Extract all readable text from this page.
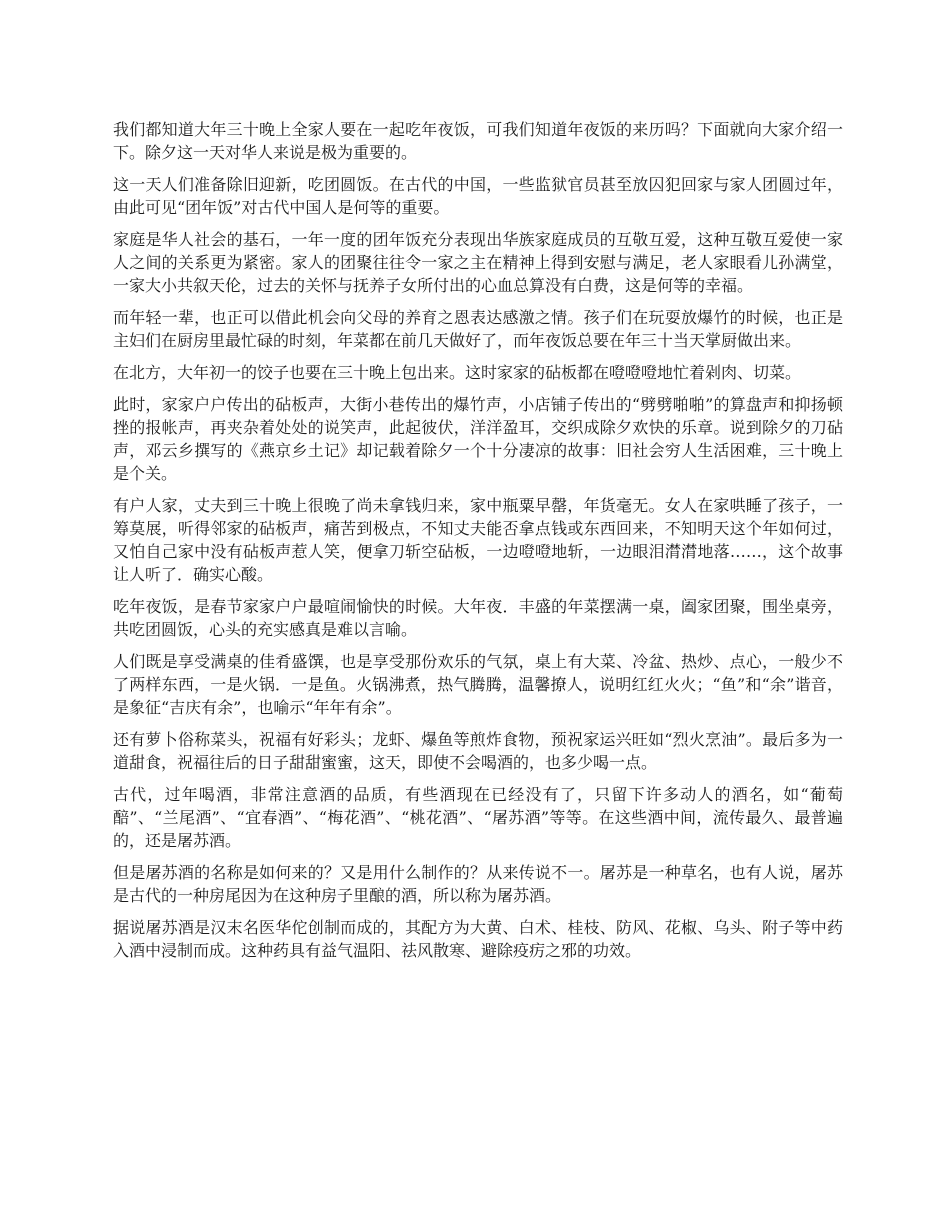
我们都知道大年三十晚上全家人要在一起吃年夜饭，可我们知道年夜饭的来历吗？下面就向大家介绍一下。除夕这一天对华人来说是极为重要的。

这一天人们准备除旧迎新，吃团圆饭。在古代的中国，一些监狱官员甚至放囚犯回家与家人团圆过年，由此可见“团年饭”对古代中国人是何等的重要。

家庭是华人社会的基石，一年一度的团年饭充分表现出华族家庭成员的互敬互爱，这种互敬互爱使一家人之间的关系更为紧密。家人的团聚往往令一家之主在精神上得到安慰与满足，老人家眼看儿孙满堂，一家大小共叙天伦，过去的关怀与抚养子女所付出的心血总算没有白费，这是何等的幸福。

而年轻一辈，也正可以借此机会向父母的养育之恩表达感激之情。孩子们在玩耍放爆竹的时候，也正是主妇们在厨房里最忙碌的时刻，年菜都在前几天做好了，而年夜饭总要在年三十当天掌厨做出来。

在北方，大年初一的饺子也要在三十晚上包出来。这时家家的砧板都在噔噔噔地忙着剁肉、切菜。

此时，家家户户传出的砧板声，大街小巷传出的爆竹声，小店铺子传出的“劈劈啪啪”的算盘声和抑扬顿挫的报帐声，再夹杂着处处的说笑声，此起彼伏，洋洋盈耳，交织成除夕欢快的乐章。说到除夕的刀砧声，邓云乡撰写的《燕京乡土记》却记载着除夕一个十分凄凉的故事：旧社会穷人生活困难，三十晚上是个关。

有户人家，丈夫到三十晚上很晚了尚未拿钱归来，家中瓶粟早罄，年货毫无。女人在家哄睡了孩子，一筹莫展，听得邻家的砧板声，痛苦到极点，不知丈夫能否拿点钱或东西回来，不知明天这个年如何过，又怕自己家中没有砧板声惹人笑，便拿刀斩空砧板，一边噔噔地斩，一边眼泪潸潸地落……，这个故事让人听了．确实心酸。

吃年夜饭，是春节家家户户最喧闹愉快的时候。大年夜．丰盛的年菜摆满一桌，阖家团聚，围坐桌旁，共吃团圆饭，心头的充实感真是难以言喻。

人们既是享受满桌的佳肴盛馔，也是享受那份欢乐的气氛，桌上有大菜、冷盆、热炒、点心，一般少不了两样东西，一是火锅．一是鱼。火锅沸煮，热气腾腾，温馨撩人，说明红红火火；“鱼”和“余”谐音，是象征“吉庆有余”，也喻示“年年有余”。

还有萝卜俗称菜头，祝福有好彩头；龙虾、爆鱼等煎炸食物，预祝家运兴旺如“烈火烹油”。最后多为一道甜食，祝福往后的日子甜甜蜜蜜，这天，即使不会喝酒的，也多少喝一点。

古代，过年喝酒，非常注意酒的品质，有些酒现在已经没有了，只留下许多动人的酒名，如“葡萄醅”、“兰尾酒”、“宜春酒”、“梅花酒”、“桃花酒”、“屠苏酒”等等。在这些酒中间，流传最久、最普遍的，还是屠苏酒。

但是屠苏酒的名称是如何来的？又是用什么制作的？从来传说不一。屠苏是一种草名，也有人说，屠苏是古代的一种房尾因为在这种房子里酿的酒，所以称为屠苏酒。

据说屠苏酒是汉末名医华佗创制而成的，其配方为大黄、白术、桂枝、防风、花椒、乌头、附子等中药入酒中浸制而成。这种药具有益气温阳、祛风散寒、避除疫疠之邪的功效。
